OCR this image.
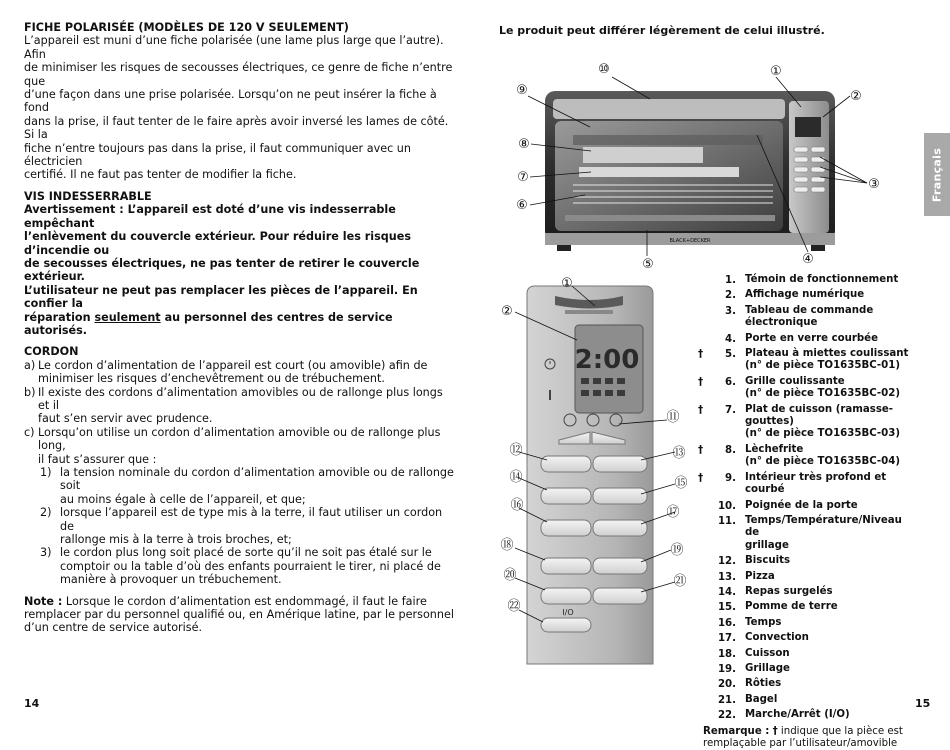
FICHE POLARISÉE (MODÈLES DE 120 V SEULEMENT)

L’appareil est muni d’une fiche polarisée (une lame plus large que l’autre). Afin

de minimiser les risques de secousses électriques, ce genre de fiche n’entre que

d’une façon dans une prise polarisée. Lorsqu’on ne peut insérer la fiche à fond

dans la prise, il faut tenter de le faire après avoir inversé les lames de côté. Si la

fiche n’entre toujours pas dans la prise, il faut communiquer avec un électricien

certifié. Il ne faut pas tenter de modifier la fiche.

VIS INDESSERRABLE

Avertissement : L’appareil est doté d’une vis indesserrable empêchant

l’enlèvement du couvercle extérieur. Pour réduire les risques d’incendie ou

de secousses électriques, ne pas tenter de retirer le couvercle extérieur.

L’utilisateur ne peut pas remplacer les pièces de l’appareil. En confier la

réparation seulement au personnel des centres de service autorisés.

CORDON

a) Le cordon d’alimentation de l’appareil est court (ou amovible) afin de

minimiser les risques d’enchevêtrement ou de trébuchement.

b) Il existe des cordons d’alimentation amovibles ou de rallonge plus longs et il

faut s’en servir avec prudence.

c) Lorsqu’on utilise un cordon d’alimentation amovible ou de rallonge plus long,

il faut s’assurer que :

1) la tension nominale du cordon d’alimentation amovible ou de rallonge soit

au moins égale à celle de l’appareil, et que;

2) lorsque l’appareil est de type mis à la terre, il faut utiliser un cordon de

rallonge mis à la terre à trois broches, et;

3) le cordon plus long soit placé de sorte qu’il ne soit pas étalé sur le

comptoir ou la table d’où des enfants pourraient le tirer, ni placé de

manière à provoquer un trébuchement.

Note : Lorsque le cordon d’alimentation est endommagé, il faut le faire

remplacer par du personnel qualifié ou, en Amérique latine, par le personnel

d’un centre de service autorisé.

14
Le produit peut différer légèrement de celui illustré.
Français
BLACK+DECKER
⑩	①
⑨	②
⑧
⑦	③
⑥
④
⑤
2:00
I/O
①
②
⑪
⑫	⑬
⑭	⑮
⑯	⑰
⑱	⑲
⑳	㉑
㉒
1. Témoin de fonctionnement
2. Affichage numérique
3. Tableau de commande électronique
4. Porte en verre courbée
†	5. Plateau à miettes coulissant
(n° de pièce TO1635BC-01)
†	6. Grille coulissante
(n° de pièce TO1635BC-02)
†	7. Plat de cuisson (ramasse-gouttes)
(n° de pièce TO1635BC-03)
†	8. Lèchefrite
(n° de pièce TO1635BC-04)
†	9. Intérieur très profond et courbé
10. Poignée de la porte
11. Temps/Température/Niveau de
grillage
12. Biscuits
13. Pizza
14. Repas surgelés
15. Pomme de terre
16. Temps
17. Convection
18. Cuisson
19. Grillage
20. Rôties
21. Bagel
22. Marche/Arrêt (I/O)
Remarque : † indique que la pièce est
remplaçable par l’utilisateur/amovible
15
